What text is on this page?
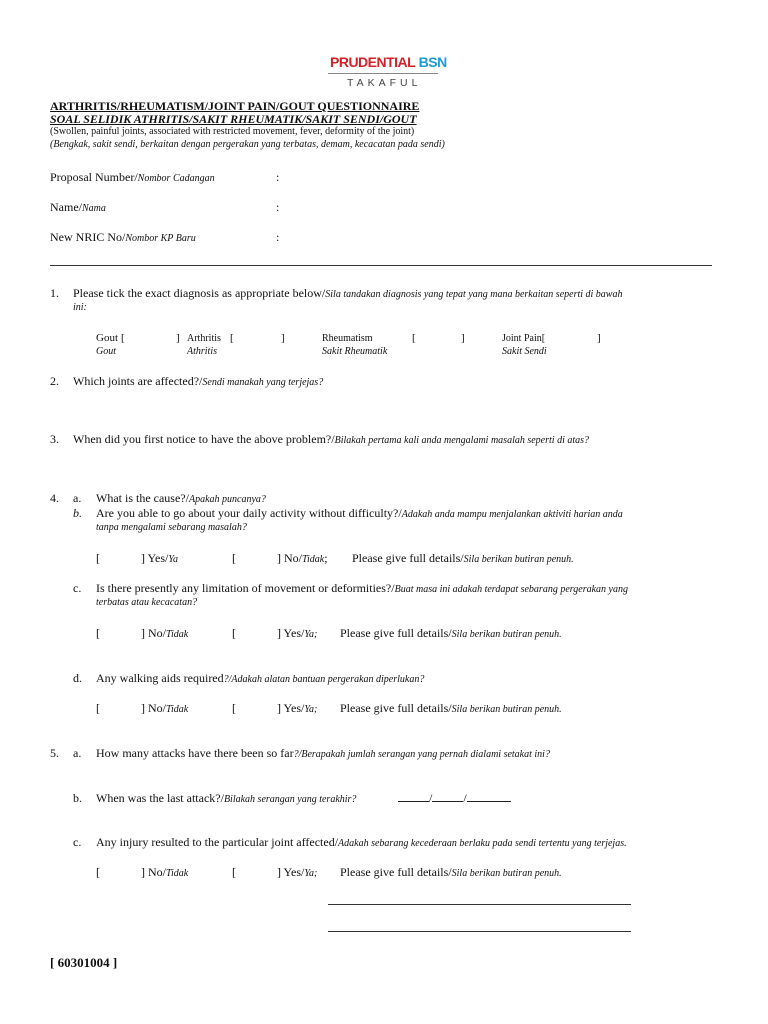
PRUDENTIAL BSN
TAKAFUL
ARTHRITIS/RHEUMATISM/JOINT PAIN/GOUT QUESTIONNAIRE
SOAL SELIDIK ATHRITIS/SAKIT RHEUMATIK/SAKIT SENDI/GOUT
(Swollen, painful joints, associated with restricted movement, fever, deformity of the joint)
(Bengkak, sakit sendi, berkaitan dengan pergerakan yang terbatas, demam, kecacatan pada sendi)
Proposal Number/Nombor Cadangan	:
Name/Nama	:
New NRIC No/Nombor KP Baru	:
1. Please tick the exact diagnosis as appropriate below/Sila tandakan diagnosis yang tepat yang mana berkaitan seperti di bawah
ini:
Gout [	]
Gout
Arthritis [	]
Athritis
Rheumatism	[	]
Sakit Rheumatik
Joint Pain[	]
Sakit Sendi
2. Which joints are affected?/Sendi manakah yang terjejas?
3. When did you first notice to have the above problem?/Bilakah pertama kali anda mengalami masalah seperti di atas?
4. a. What is the cause?/Apakah puncanya?
b. Are you able to go about your daily activity without difficulty?/Adakah anda mampu menjalankan aktiviti harian anda
tanpa mengalami sebarang masalah?
[	] Yes/Ya	[	] No/Tidak; Please give full details/Sila berikan butiran penuh.
c. Is there presently any limitation of movement or deformities?/Buat masa ini adakah terdapat sebarang pergerakan yang
terbatas atau kecacatan?
[	] No/Tidak	[	] Yes/Ya; Please give full details/Sila berikan butiran penuh.
d. Any walking aids required?/Adakah alatan bantuan pergerakan diperlukan?
[	] No/Tidak	[	] Yes/Ya; Please give full details/Sila berikan butiran penuh.
5. a. How many attacks have there been so far?/Berapakah jumlah serangan yang pernah dialami setakat ini?
b. When was the last attack?/Bilakah serangan yang terakhir?	/	/
c. Any injury resulted to the particular joint affected/Adakah sebarang kecederaan berlaku pada sendi tertentu yang terjejas.
[	] No/Tidak	[	] Yes/Ya; Please give full details/Sila berikan butiran penuh.
[ 60301004 ]
